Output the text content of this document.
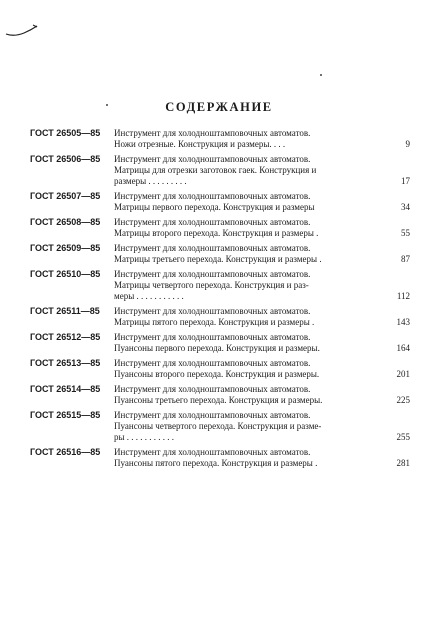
СОДЕРЖАНИЕ
ГОСТ 26505—85	Инструмент для холодноштамповочных автоматов.
Ножи отрезные. Конструкция и размеры. . . .	9
ГОСТ 26506—85	Инструмент для холодноштамповочных автоматов.
Матрицы для отрезки заготовок гаек. Конструкция и
размеры . . . . . . . . .	17
ГОСТ 26507—85	Инструмент для холодноштамповочных автоматов.
Матрицы первого перехода. Конструкция и размеры	34
ГОСТ 26508—85	Инструмент для холодноштамповочных автоматов.
Матрицы второго перехода. Конструкция и размеры .	55
ГОСТ 26509—85	Инструмент для холодноштамповочных автоматов.
Матрицы третьего перехода. Конструкция и размеры .	87
ГОСТ 26510—85	Инструмент для холодноштамповочных автоматов.
Матрицы четвертого перехода. Конструкция и раз-
меры . . . . . . . . . . .	112
ГОСТ 26511—85	Инструмент для холодноштамповочных автоматов.
Матрицы пятого перехода. Конструкция и размеры .	143
ГОСТ 26512—85	Инструмент для холодноштамповочных автоматов.
Пуансоны первого перехода. Конструкция и размеры.	164
ГОСТ 26513—85	Инструмент для холодноштамповочных автоматов.
Пуансоны второго перехода. Конструкция и размеры.	201
ГОСТ 26514—85	Инструмент для холодноштамповочных автоматов.
Пуансоны третьего перехода. Конструкция и размеры.	225
ГОСТ 26515—85	Инструмент для холодноштамповочных автоматов.
Пуансоны четвертого перехода. Конструкция и разме-
ры . . . . . . . . . . .	255
ГОСТ 26516—85	Инструмент для холодноштамповочных автоматов.
Пуансоны пятого перехода. Конструкция и размеры .	281
